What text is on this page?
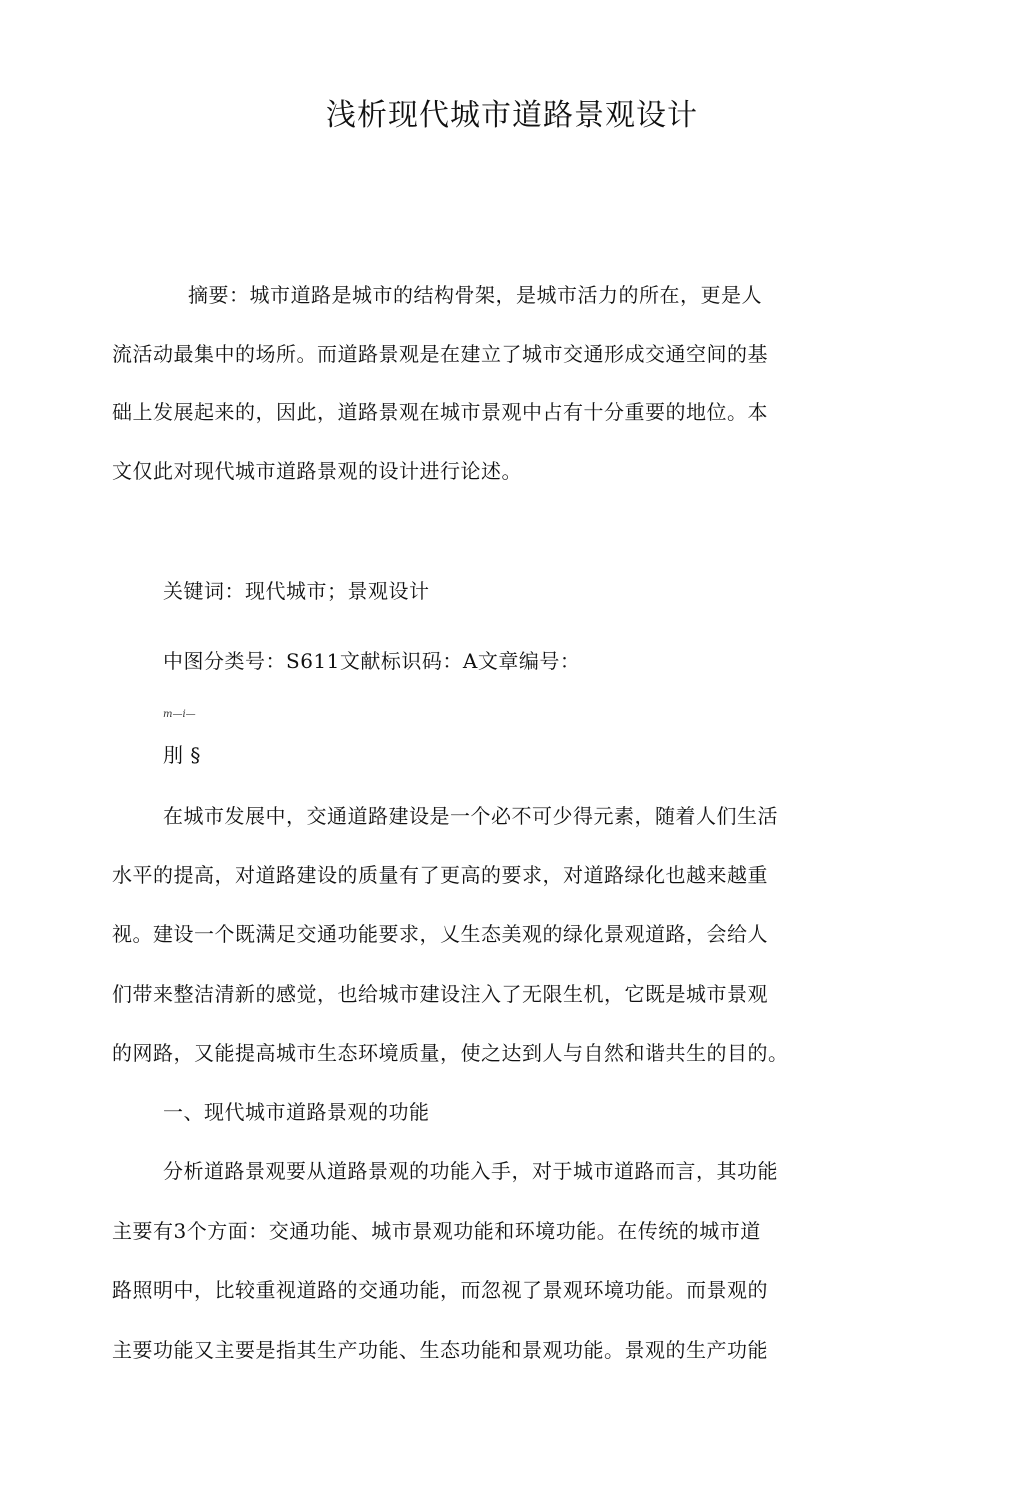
浅析现代城市道路景观设计
摘要：城市道路是城市的结构骨架，是城市活力的所在，更是人
流活动最集中的场所。而道路景观是在建立了城市交通形成交通空间的基
础上发展起来的，因此，道路景观在城市景观中占有十分重要的地位。本
文仅此对现代城市道路景观的设计进行论述。
关键词：现代城市；景观设计
中图分类号：S611文献标识码：A文章编号：
m—i—
刖 §
在城市发展中，交通道路建设是一个必不可少得元素，随着人们生活
水平的提高，对道路建设的质量有了更高的要求，对道路绿化也越来越重
视。建设一个既满足交通功能要求，乂生态美观的绿化景观道路，会给人
们带来整洁清新的感觉，也给城市建设注入了无限生机，它既是城市景观
的网路，又能提高城市生态环境质量，使之达到人与自然和谐共生的目的。
一、现代城市道路景观的功能
分析道路景观要从道路景观的功能入手，对于城市道路而言，其功能
主要有3个方面：交通功能、城市景观功能和环境功能。在传统的城市道
路照明中，比较重视道路的交通功能，而忽视了景观环境功能。而景观的
主要功能又主要是指其生产功能、生态功能和景观功能。景观的生产功能
